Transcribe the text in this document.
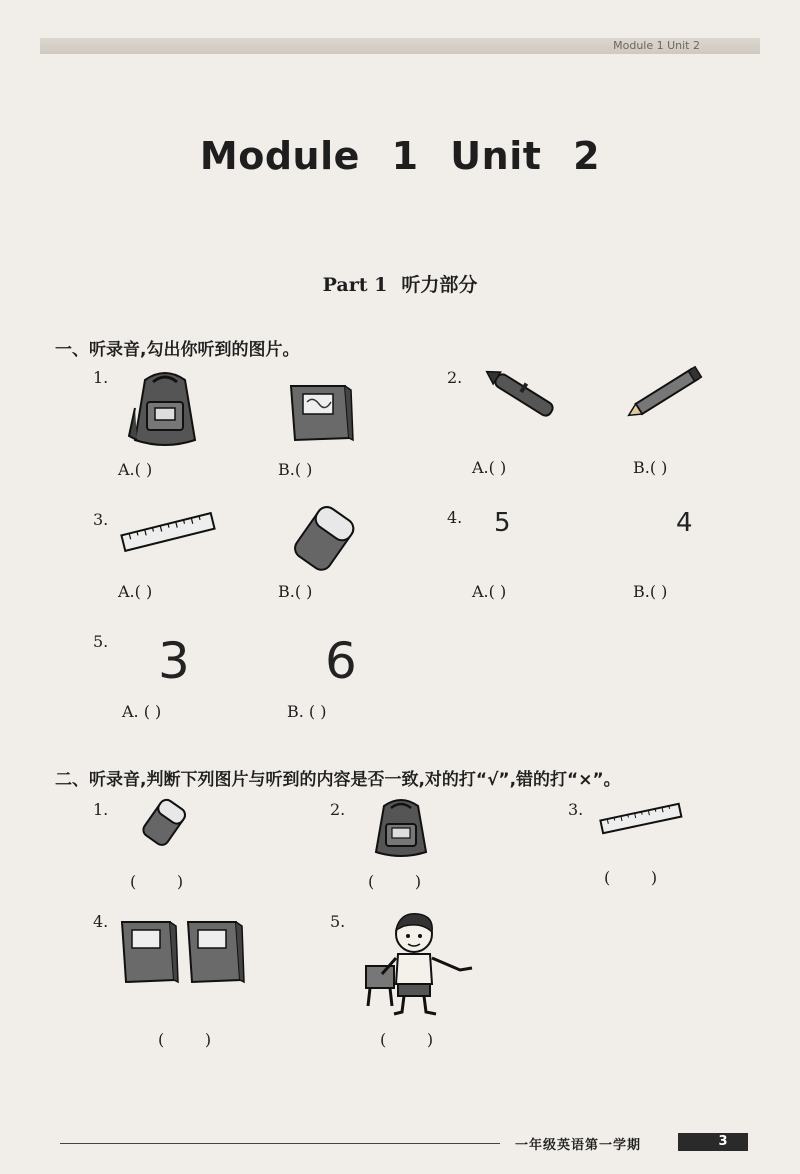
Module 1 Unit 2
Module 1 Unit 2
Part 1 听力部分
一、听录音,勾出你听到的图片。
1.
A.( )	B.( )
2.
A.( )	B.( )
3.
A.( )	B.( )
4. 5	4
A.( )	B.( )
5. 3	6
A. ( )	B. ( )
二、听录音,判断下列图片与听到的内容是否一致,对的打“√”,错的打“×”。
1.
(        )
2.
(        )
3.
(        )
4.
(        )
5.
(        )
一年级英语第一学期	3
